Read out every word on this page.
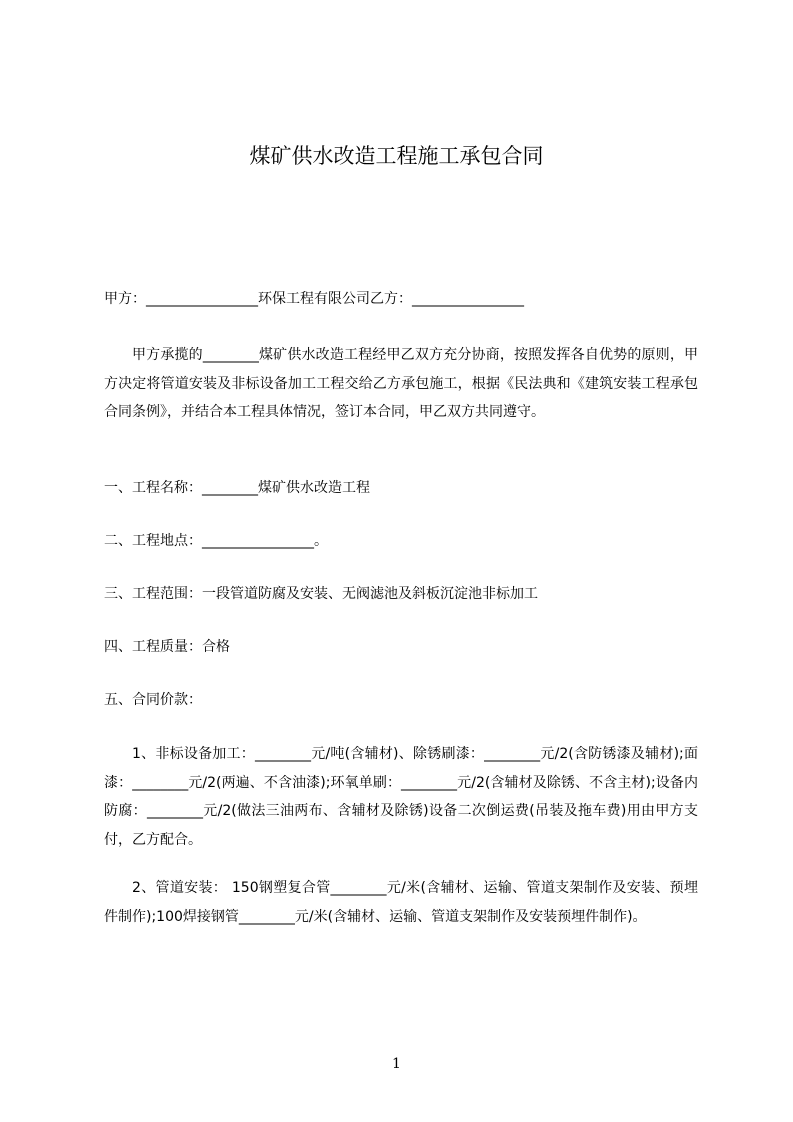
煤矿供水改造工程施工承包合同
甲方：________________环保工程有限公司乙方：________________
甲方承揽的________煤矿供水改造工程经甲乙双方充分协商，按照发挥各自优势的原则，甲方决定将管道安装及非标设备加工工程交给乙方承包施工，根据《民法典和《建筑安装工程承包合同条例》，并结合本工程具体情况，签订本合同，甲乙双方共同遵守。
一、工程名称：________煤矿供水改造工程
二、工程地点：________________。
三、工程范围：一段管道防腐及安装、无阀滤池及斜板沉淀池非标加工
四、工程质量：合格
五、合同价款：
1、非标设备加工：________元/吨(含辅材)、除锈刷漆：________元/2(含防锈漆及辅材);面漆：________元/2(两遍、不含油漆);环氧单刷：________元/2(含辅材及除锈、不含主材);设备内防腐：________元/2(做法三油两布、含辅材及除锈)设备二次倒运费(吊装及拖车费)用由甲方支付，乙方配合。
2、管道安装： 150钢塑复合管________元/米(含辅材、运输、管道支架制作及安装、预埋件制作);100焊接钢管________元/米(含辅材、运输、管道支架制作及安装预埋件制作)。
1
